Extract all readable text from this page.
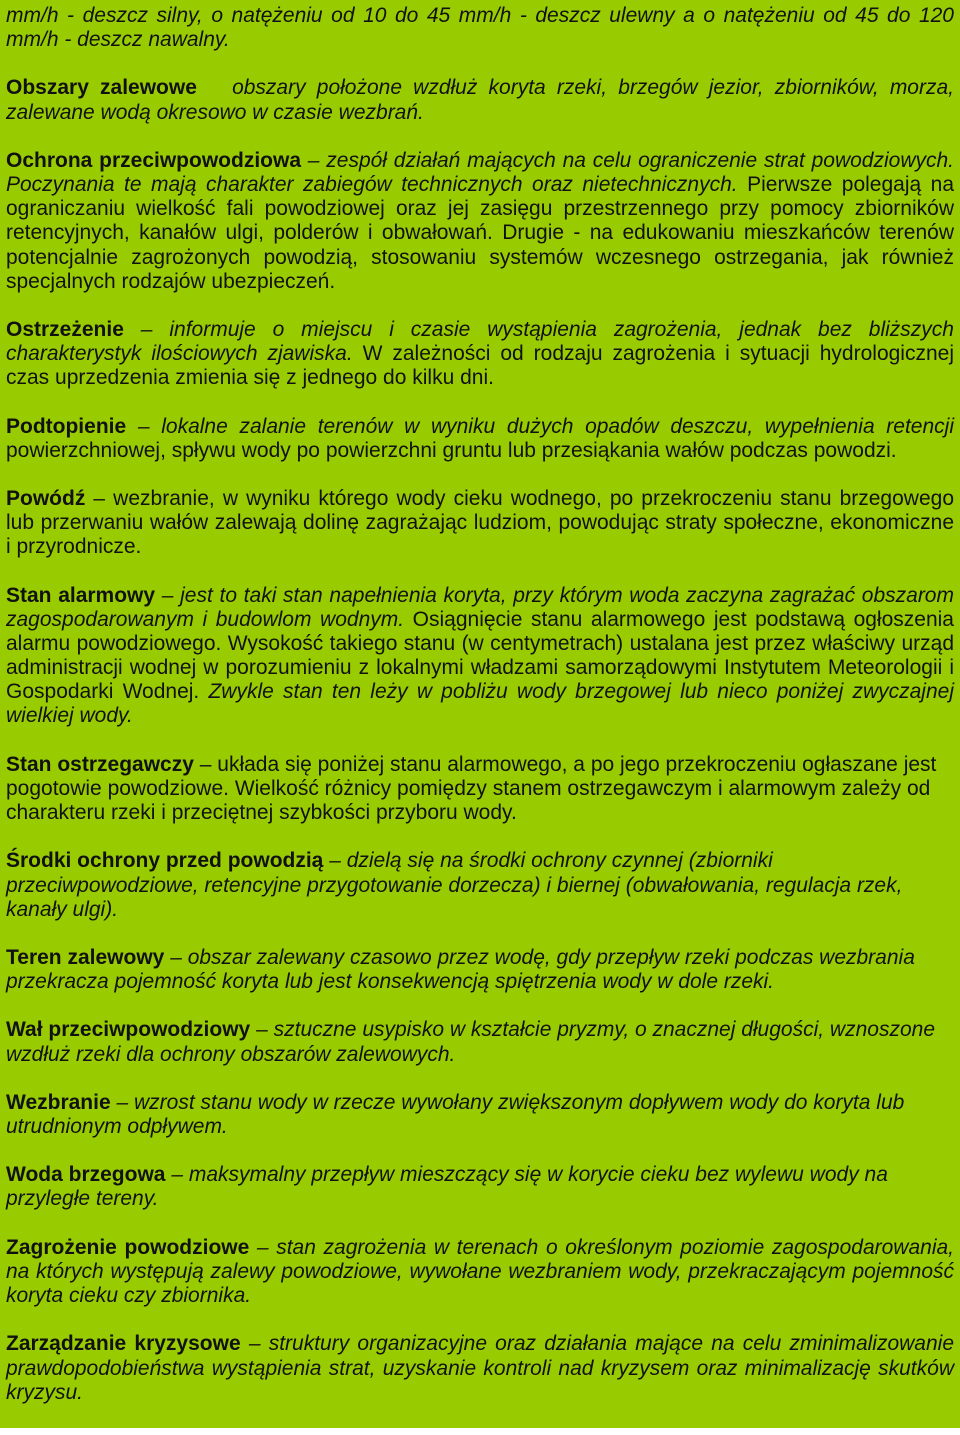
mm/h - deszcz silny, o natężeniu od 10 do 45 mm/h - deszcz ulewny a o natężeniu od 45 do 120 mm/h - deszcz nawalny.

Obszary zalewowe obszary położone wzdłuż koryta rzeki, brzegów jezior, zbiorników, morza, zalewane wodą okresowo w czasie wezbrań.

Ochrona przeciwpowodziowa – zespół działań mających na celu ograniczenie strat powodziowych. Poczynania te mają charakter zabiegów technicznych oraz nietechnicznych. Pierwsze polegają na ograniczaniu wielkość fali powodziowej oraz jej zasięgu przestrzennego przy pomocy zbiorników retencyjnych, kanałów ulgi, polderów i obwałowań. Drugie - na edukowaniu mieszkańców terenów potencjalnie zagrożonych powodzią, stosowaniu systemów wczesnego ostrzegania, jak również specjalnych rodzajów ubezpieczeń.

Ostrzeżenie – informuje o miejscu i czasie wystąpienia zagrożenia, jednak bez bliższych charakterystyk ilościowych zjawiska. W zależności od rodzaju zagrożenia i sytuacji hydrologicznej czas uprzedzenia zmienia się z jednego do kilku dni.

Podtopienie – lokalne zalanie terenów w wyniku dużych opadów deszczu, wypełnienia retencji powierzchniowej, spływu wody po powierzchni gruntu lub przesiąkania wałów podczas powodzi.

Powódź – wezbranie, w wyniku którego wody cieku wodnego, po przekroczeniu stanu brzegowego lub przerwaniu wałów zalewają dolinę zagrażając ludziom, powodując straty społeczne, ekonomiczne i przyrodnicze.

Stan alarmowy – jest to taki stan napełnienia koryta, przy którym woda zaczyna zagrażać obszarom zagospodarowanym i budowlom wodnym. Osiągnięcie stanu alarmowego jest podstawą ogłoszenia alarmu powodziowego. Wysokość takiego stanu (w centymetrach) ustalana jest przez właściwy urząd administracji wodnej w porozumieniu z lokalnymi władzami samorządowymi Instytutem Meteorologii i Gospodarki Wodnej. Zwykle stan ten leży w pobliżu wody brzegowej lub nieco poniżej zwyczajnej wielkiej wody.

Stan ostrzegawczy – układa się poniżej stanu alarmowego, a po jego przekroczeniu ogłaszane jest pogotowie powodziowe. Wielkość różnicy pomiędzy stanem ostrzegawczym i alarmowym zależy od charakteru rzeki i przeciętnej szybkości przyboru wody.

Środki ochrony przed powodzią – dzielą się na środki ochrony czynnej (zbiorniki przeciwpowodziowe, retencyjne przygotowanie dorzecza) i biernej (obwałowania, regulacja rzek, kanały ulgi).

Teren zalewowy – obszar zalewany czasowo przez wodę, gdy przepływ rzeki podczas wezbrania przekracza pojemność koryta lub jest konsekwencją spiętrzenia wody w dole rzeki.

Wał przeciwpowodziowy – sztuczne usypisko w kształcie pryzmy, o znacznej długości, wznoszone wzdłuż rzeki dla ochrony obszarów zalewowych.

Wezbranie – wzrost stanu wody w rzecze wywołany zwiększonym dopływem wody do koryta lub utrudnionym odpływem.

Woda brzegowa – maksymalny przepływ mieszczący się w korycie cieku bez wylewu wody na przyległe tereny.

Zagrożenie powodziowe – stan zagrożenia w terenach o określonym poziomie zagospodarowania, na których występują zalewy powodziowe, wywołane wezbraniem wody, przekraczającym pojemność koryta cieku czy zbiornika.

Zarządzanie kryzysowe – struktury organizacyjne oraz działania mające na celu zminimalizowanie prawdopodobieństwa wystąpienia strat, uzyskanie kontroli nad kryzysem oraz minimalizację skutków kryzysu.
